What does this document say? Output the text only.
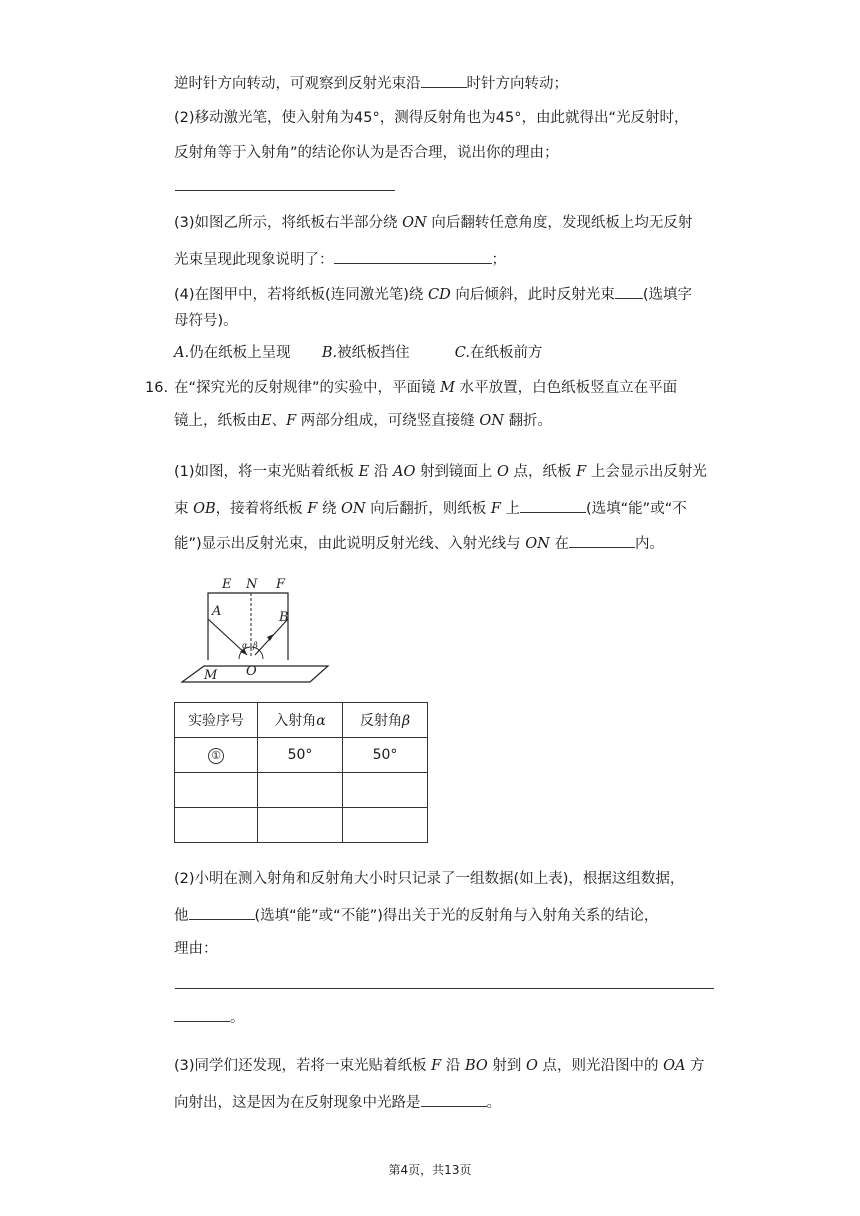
逆时针方向转动，可观察到反射光束沿	时针方向转动；
(2)移动激光笔，使入射角为45°，测得反射角也为45°，由此就得出“光反射时，
反射角等于入射角”的结论你认为是否合理，说出你的理由；
(3)如图乙所示，将纸板右半部分绕 ON 向后翻转任意角度，发现纸板上均无反射
光束呈现此现象说明了：	；
(4)在图甲中，若将纸板(连同激光笔)绕 CD 向后倾斜，此时反射光束 (选填字
母符号)。
A.仍在纸板上呈现 B.被纸板挡住	C.在纸板前方
16. 在“探究光的反射规律”的实验中，平面镜 M 水平放置，白色纸板竖直立在平面
镜上，纸板由E、F 两部分组成，可绕竖直接缝 ON 翻折。
(1)如图，将一束光贴着纸板 E 沿 AO 射到镜面上 O 点，纸板 F 上会显示出反射光
束 OB，接着将纸板 F 绕 ON 向后翻折，则纸板 F 上	(选填“能”或“不
能”)显示出反射光束，由此说明反射光线、入射光线与 ON 在	内。
E N F
A	B
α β
O
M
实验序号	入射角α	反射角β
①	50°	50°

(2)小明在测入射角和反射角大小时只记录了一组数据(如上表)，根据这组数据，
他	(选填“能”或“不能”)得出关于光的反射角与入射角关系的结论，
理由：
。
(3)同学们还发现，若将一束光贴着纸板 F 沿 BO 射到 O 点，则光沿图中的 OA 方
向射出，这是因为在反射现象中光路是	。
第4页，共13页
